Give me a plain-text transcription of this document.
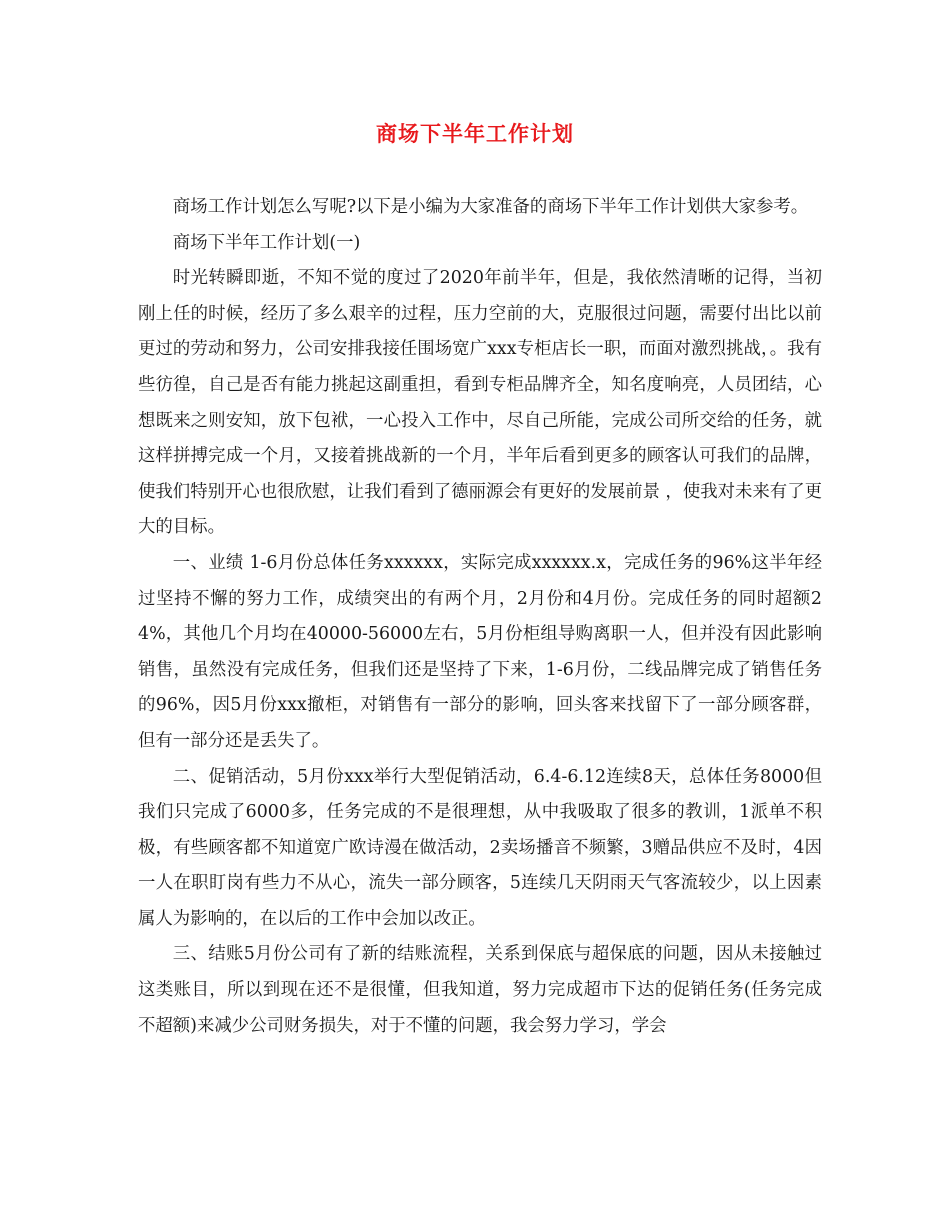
商场下半年工作计划

商场工作计划怎么写呢?以下是小编为大家准备的商场下半年工作计划供大家参考。

商场下半年工作计划(一)

时光转瞬即逝，不知不觉的度过了2020年前半年，但是，我依然清晰的记得，当初刚上任的时候，经历了多么艰辛的过程，压力空前的大，克服很过问题，需要付出比以前更过的劳动和努力，公司安排我接任围场宽广xxx专柜店长一职，而面对激烈挑战，。我有些彷徨，自己是否有能力挑起这副重担，看到专柜品牌齐全，知名度响亮，人员团结，心想既来之则安知，放下包袱，一心投入工作中，尽自己所能，完成公司所交给的任务，就这样拼搏完成一个月，又接着挑战新的一个月，半年后看到更多的顾客认可我们的品牌，使我们特别开心也很欣慰，让我们看到了德丽源会有更好的发展前景 ，使我对未来有了更大的目标。

一、业绩 1-6月份总体任务xxxxxx，实际完成xxxxxx.x，完成任务的96%这半年经过坚持不懈的努力工作，成绩突出的有两个月，2月份和4月份。完成任务的同时超额24%，其他几个月均在40000-56000左右，5月份柜组导购离职一人，但并没有因此影响销售，虽然没有完成任务，但我们还是坚持了下来，1-6月份，二线品牌完成了销售任务的96%，因5月份xxx撤柜，对销售有一部分的影响，回头客来找留下了一部分顾客群，但有一部分还是丢失了。

二、促销活动，5月份xxx举行大型促销活动，6.4-6.12连续8天，总体任务8000但我们只完成了6000多，任务完成的不是很理想，从中我吸取了很多的教训，1派单不积极，有些顾客都不知道宽广欧诗漫在做活动，2卖场播音不频繁，3赠品供应不及时，4因一人在职盯岗有些力不从心，流失一部分顾客，5连续几天阴雨天气客流较少，以上因素属人为影响的，在以后的工作中会加以改正。

三、结账5月份公司有了新的结账流程，关系到保底与超保底的问题，因从未接触过这类账目，所以到现在还不是很懂，但我知道，努力完成超市下达的促销任务(任务完成不超额)来减少公司财务损失，对于不懂的问题，我会努力学习，学会
